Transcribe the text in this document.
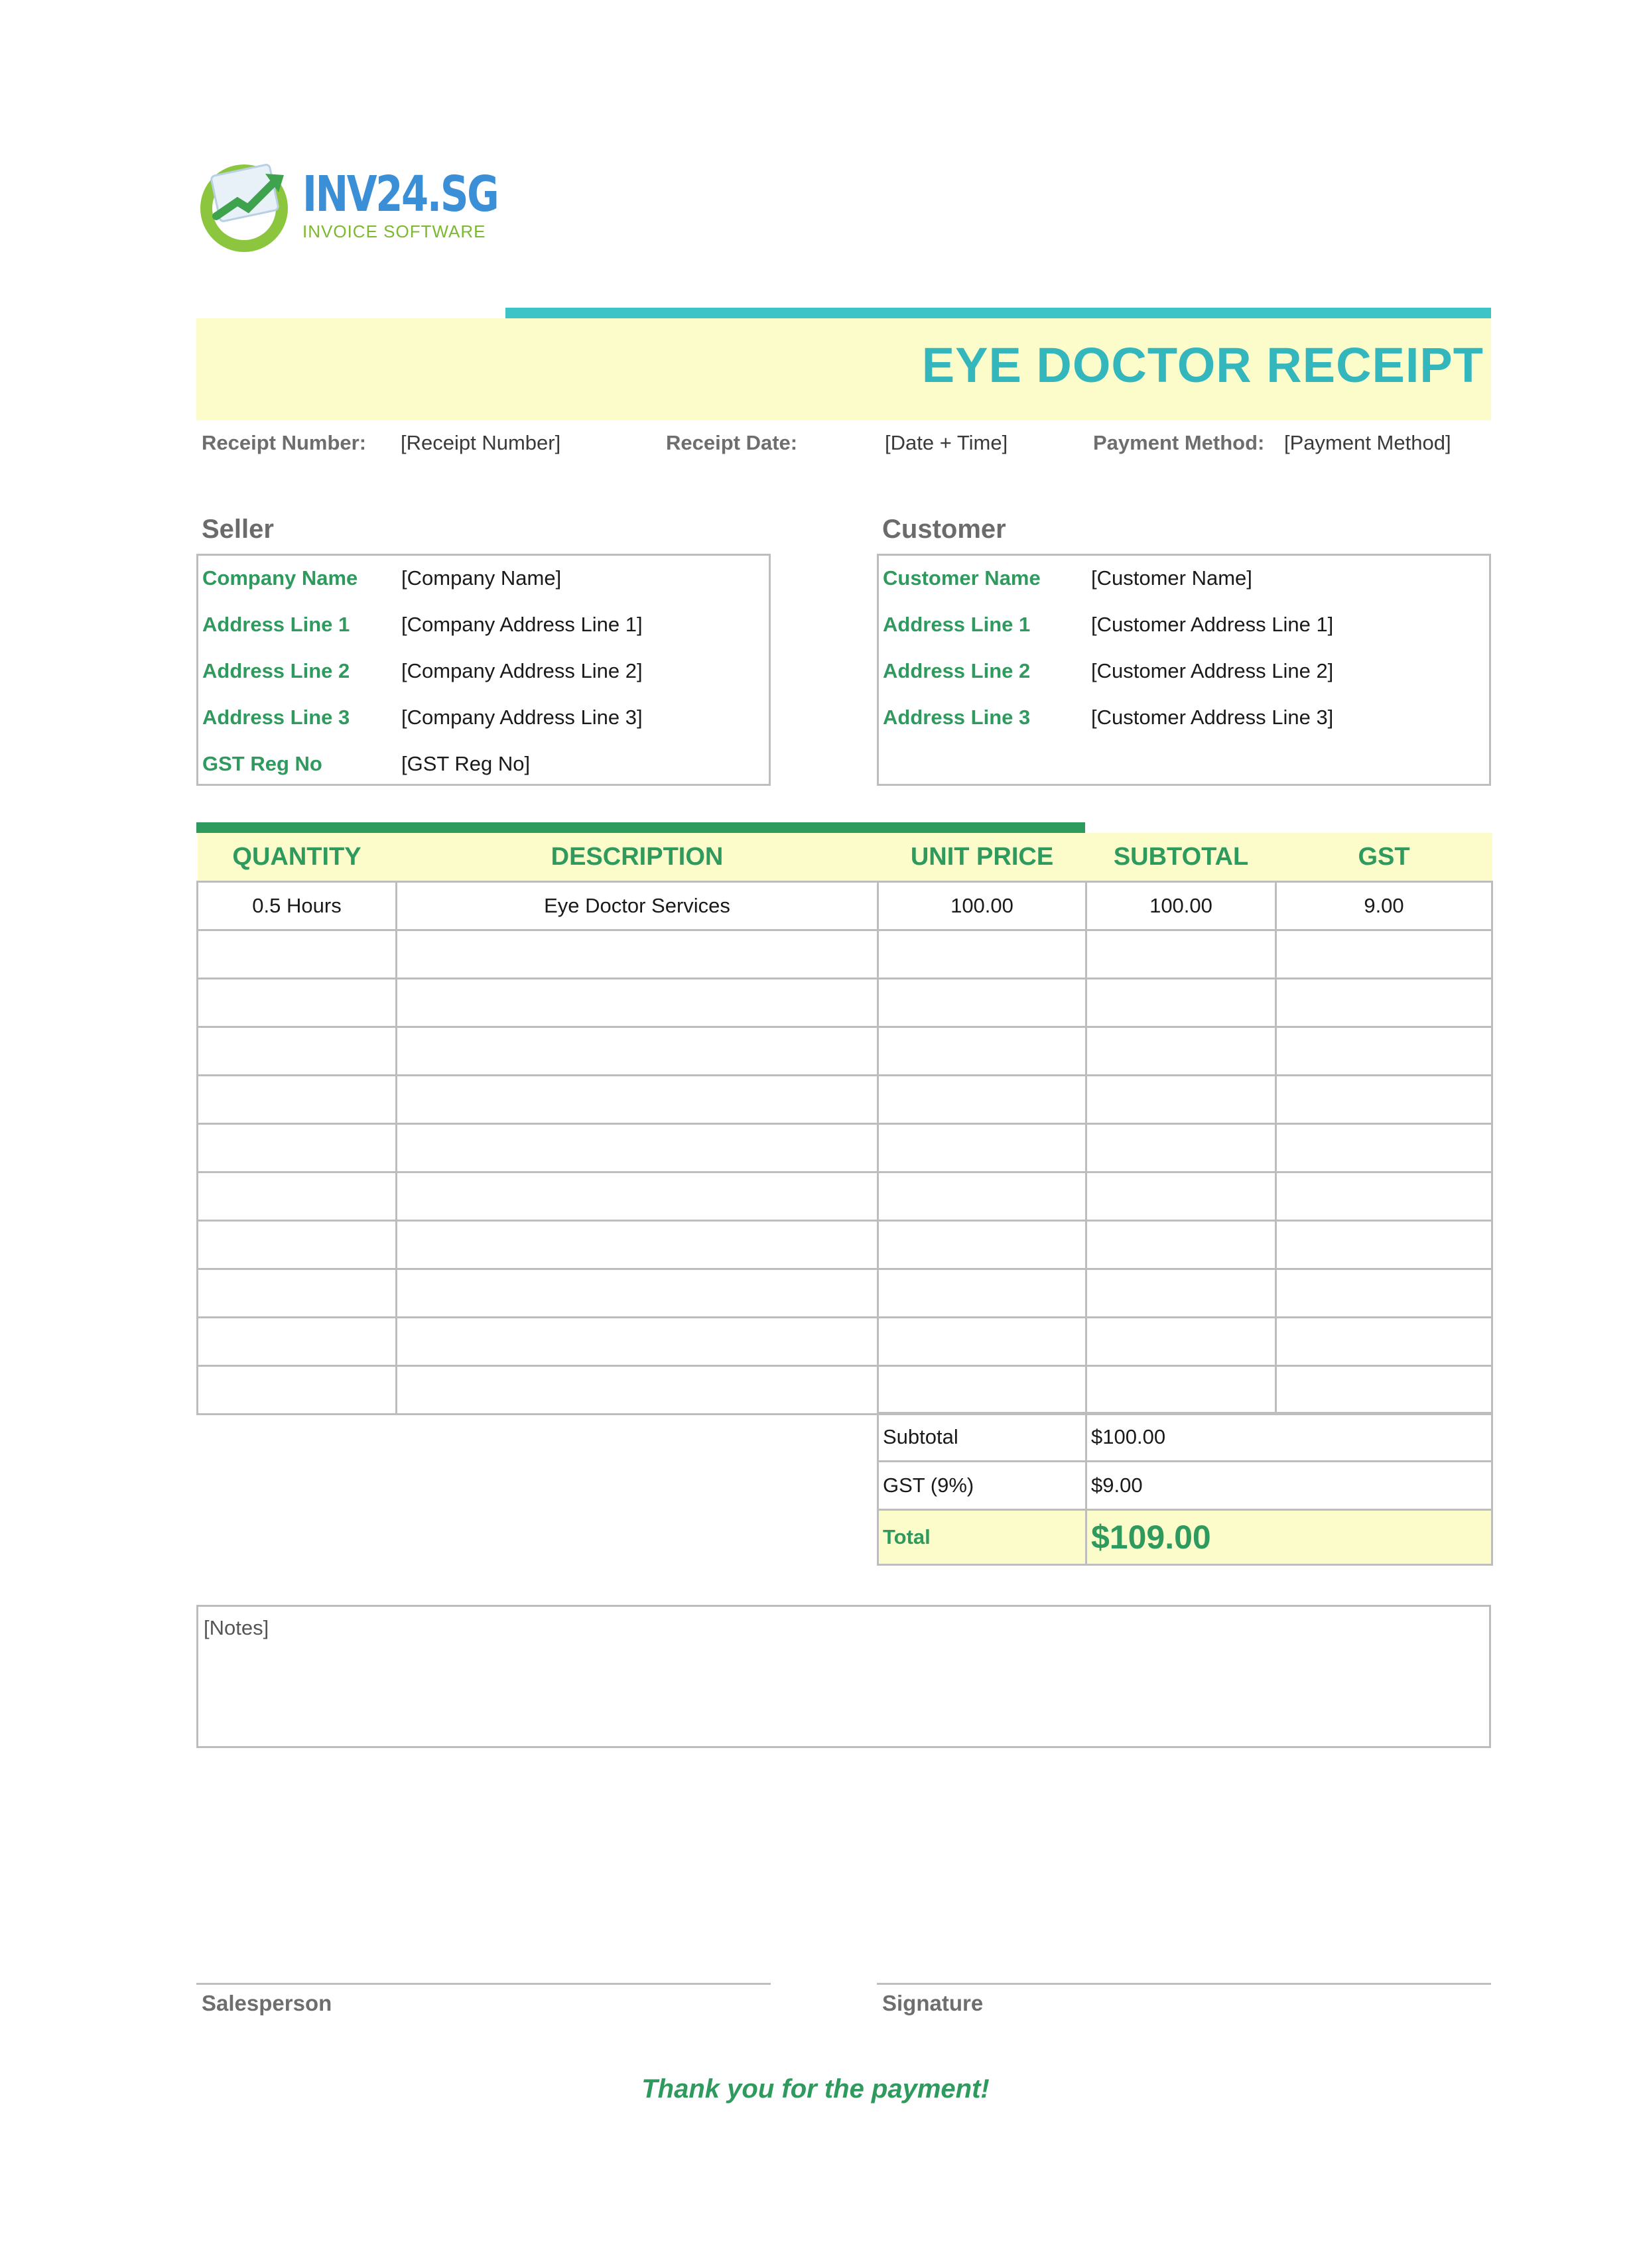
INV24.SG
INVOICE SOFTWARE
EYE DOCTOR RECEIPT
Receipt Number: [Receipt Number]	Receipt Date:	[Date + Time]	Payment Method: [Payment Method]
Seller
Company Name [Company Name]
Address Line 1	[Company Address Line 1]
Address Line 2	[Company Address Line 2]
Address Line 3	[Company Address Line 3]
GST Reg No	[GST Reg No]
Customer
Customer Name [Customer Name]
Address Line 1	[Customer Address Line 1]
Address Line 2	[Customer Address Line 2]
Address Line 3	[Customer Address Line 3]
QUANTITY	DESCRIPTION	UNIT PRICE	SUBTOTAL	GST
0.5 Hours	Eye Doctor Services	100.00	100.00	9.00

Subtotal	$100.00
GST (9%)	$9.00
Total	$109.00
[Notes]
Salesperson	Signature
Thank you for the payment!
